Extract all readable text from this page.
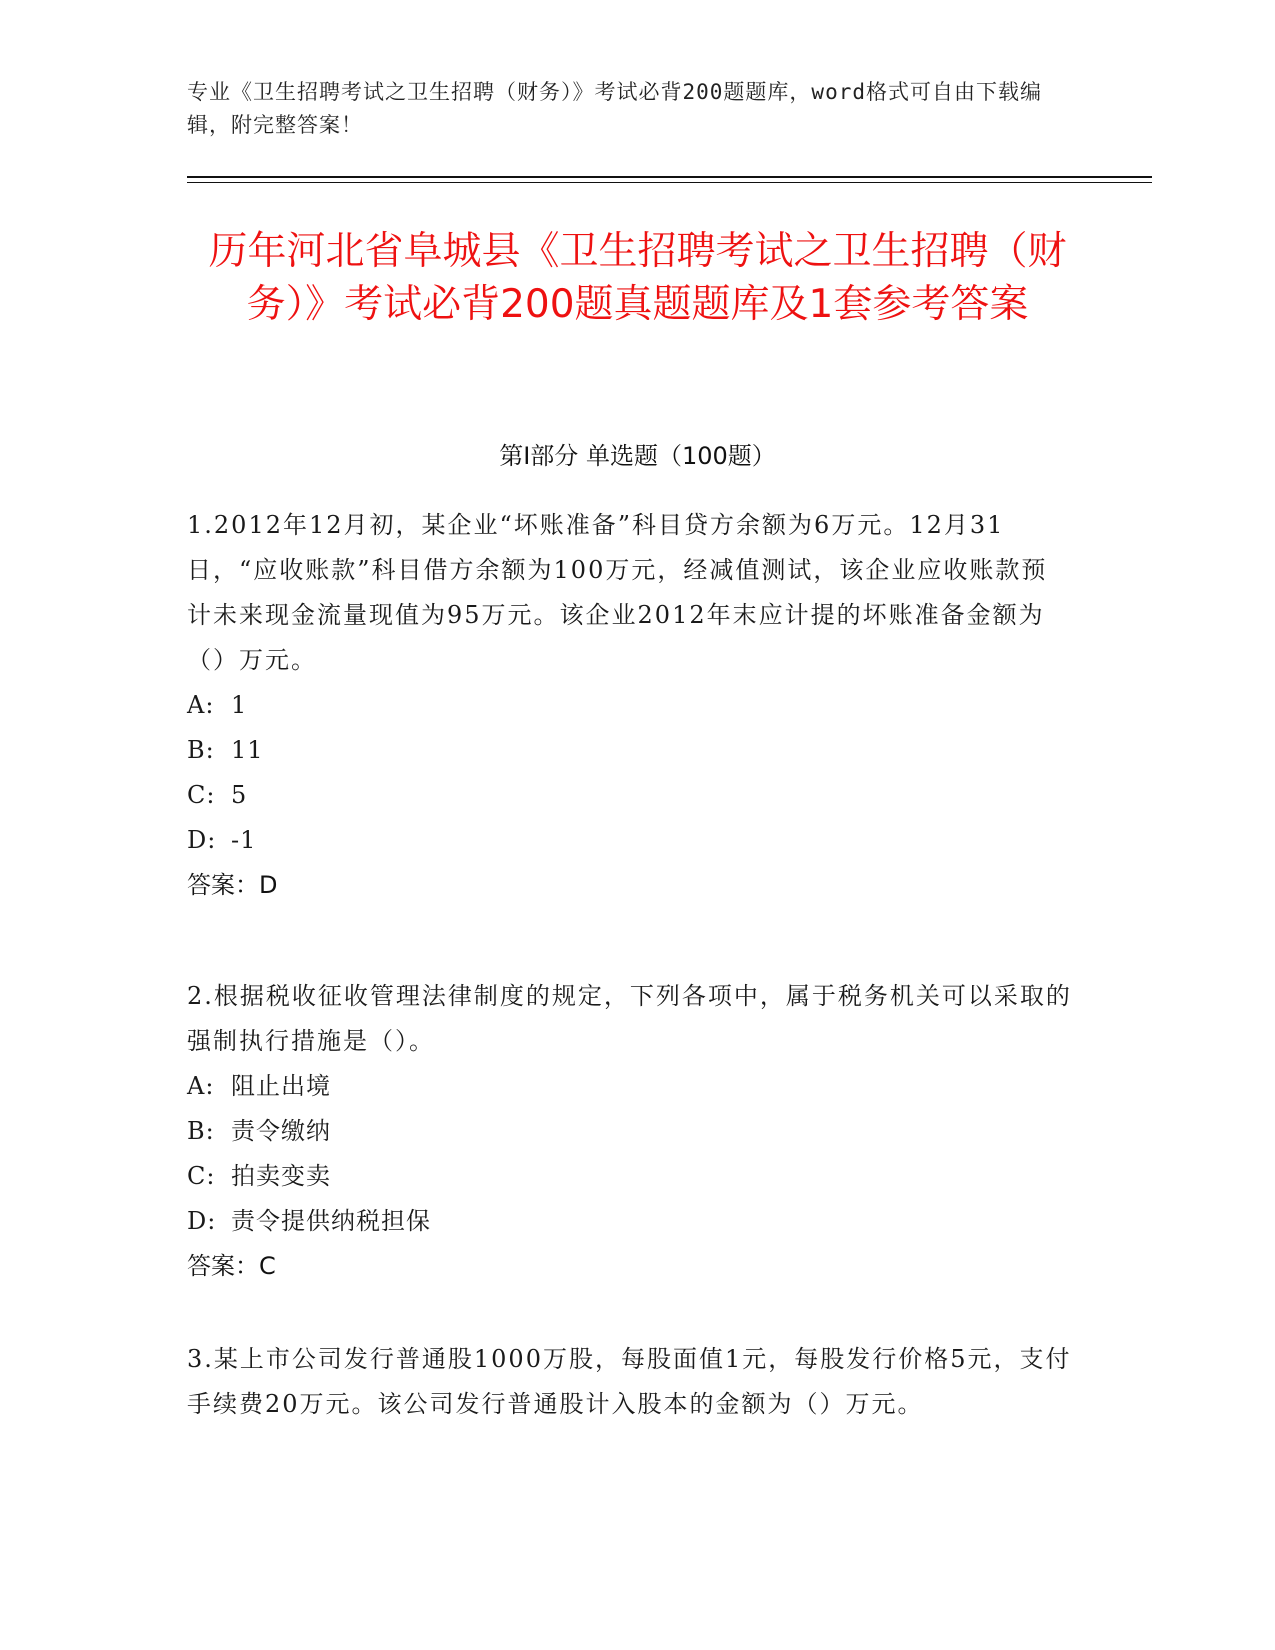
专业《卫生招聘考试之卫生招聘（财务）》考试必背200题题库，word格式可自由下载编辑，附完整答案！
历年河北省阜城县《卫生招聘考试之卫生招聘（财务）》考试必背200题真题题库及1套参考答案
第Ⅰ部分 单选题（100题）

1.2012年12月初，某企业“坏账准备”科目贷方余额为6万元。12月31日，“应收账款”科目借方余额为100万元，经减值测试，该企业应收账款预计未来现金流量现值为95万元。该企业2012年末应计提的坏账准备金额为（）万元。

A: 1
B: 11
C: 5
D: -1

答案：D

2.根据税收征收管理法律制度的规定，下列各项中，属于税务机关可以采取的强制执行措施是（）。

A: 阻止出境
B: 责令缴纳
C: 拍卖变卖
D: 责令提供纳税担保

答案：C

3.某上市公司发行普通股1000万股，每股面值1元，每股发行价格5元，支付手续费20万元。该公司发行普通股计入股本的金额为（）万元。
